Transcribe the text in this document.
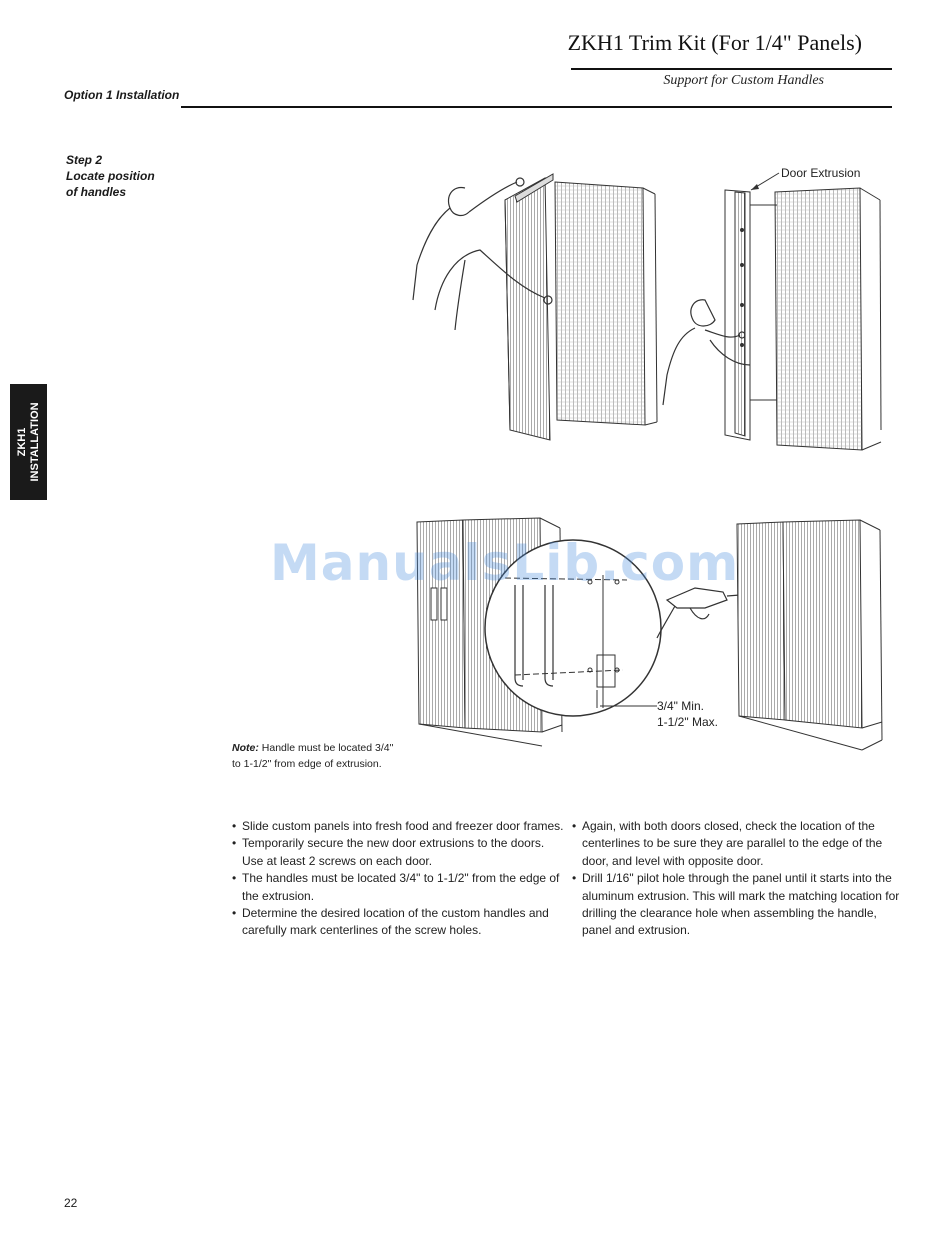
ZKH1 Trim Kit (For 1/4" Panels)
Support for Custom Handles
Option 1 Installation
Step 2
Locate position
of handles
ZKH1 INSTALLATION
Door Extrusion
3/4" Min.
1-1/2" Max.
ManualsLib.com
Note: Handle must be located 3/4" to 1-1/2" from edge of extrusion.
• Slide custom panels into fresh food and freezer door frames.
• Temporarily secure the new door extrusions to the doors. Use at least 2 screws on each door.
• The handles must be located 3/4" to 1-1/2" from the edge of the extrusion.
• Determine the desired location of the custom handles and carefully mark centerlines of the screw holes.
• Again, with both doors closed, check the location of the centerlines to be sure they are parallel to the edge of the door, and level with opposite door.
• Drill 1/16" pilot hole through the panel until it starts into the aluminum extrusion. This will mark the matching location for drilling the clearance hole when assembling the handle, panel and extrusion.
22
